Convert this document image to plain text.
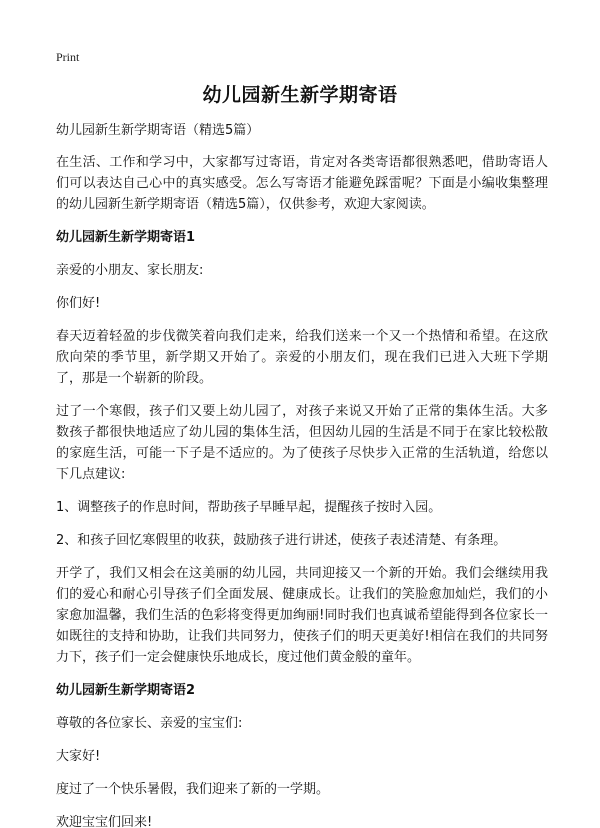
Print
幼儿园新生新学期寄语

幼儿园新生新学期寄语（精选5篇）

在生活、工作和学习中，大家都写过寄语，肯定对各类寄语都很熟悉吧，借助寄语人们可以表达自己心中的真实感受。怎么写寄语才能避免踩雷呢？下面是小编收集整理的幼儿园新生新学期寄语（精选5篇），仅供参考，欢迎大家阅读。

幼儿园新生新学期寄语1

亲爱的小朋友、家长朋友:

你们好!

春天迈着轻盈的步伐微笑着向我们走来，给我们送来一个又一个热情和希望。在这欣欣向荣的季节里，新学期又开始了。亲爱的小朋友们，现在我们已进入大班下学期了，那是一个崭新的阶段。

过了一个寒假，孩子们又要上幼儿园了，对孩子来说又开始了正常的集体生活。大多数孩子都很快地适应了幼儿园的集体生活，但因幼儿园的生活是不同于在家比较松散的家庭生活，可能一下子是不适应的。为了使孩子尽快步入正常的生活轨道，给您以下几点建议:

1、调整孩子的作息时间，帮助孩子早睡早起，提醒孩子按时入园。

2、和孩子回忆寒假里的收获，鼓励孩子进行讲述，使孩子表述清楚、有条理。

开学了，我们又相会在这美丽的幼儿园，共同迎接又一个新的开始。我们会继续用我们的爱心和耐心引导孩子们全面发展、健康成长。让我们的笑脸愈加灿烂，我们的小家愈加温馨，我们生活的色彩将变得更加绚丽!同时我们也真诚希望能得到各位家长一如既往的支持和协助，让我们共同努力，使孩子们的明天更美好!相信在我们的共同努力下，孩子们一定会健康快乐地成长，度过他们黄金般的童年。

幼儿园新生新学期寄语2

尊敬的各位家长、亲爱的宝宝们:

大家好!

度过了一个快乐暑假，我们迎来了新的一学期。

欢迎宝宝们回来!
